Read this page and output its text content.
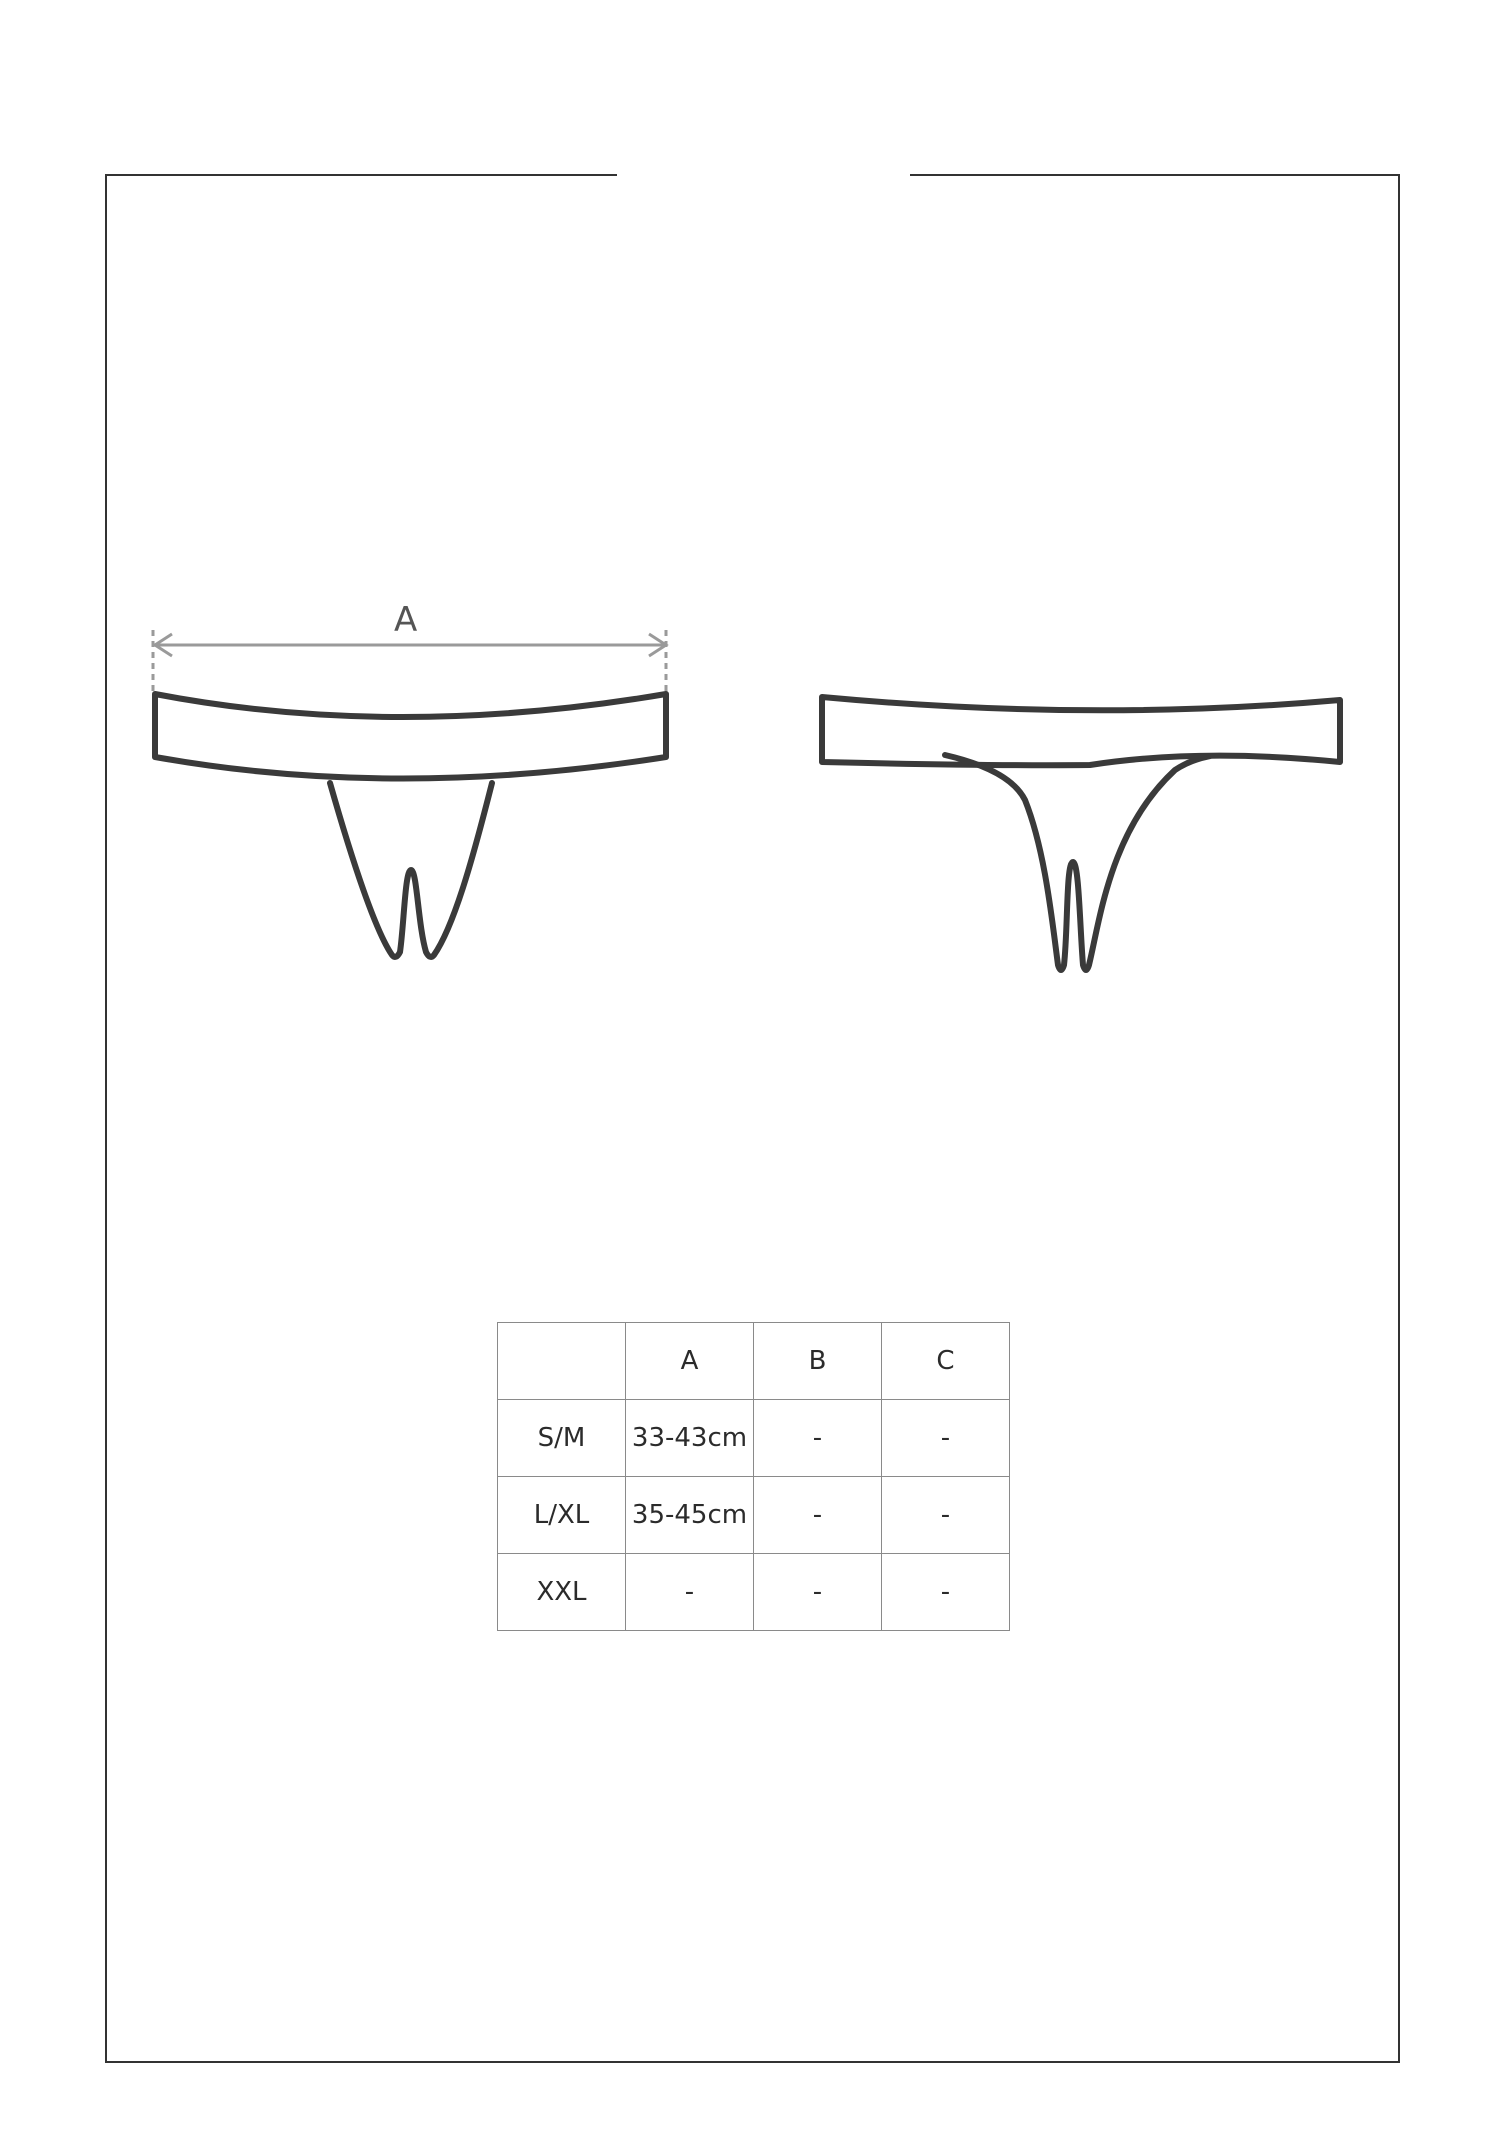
A
	A	B	C
S/M	33-43cm	-	-
L/XL	35-45cm	-	-
XXL	-	-	-
